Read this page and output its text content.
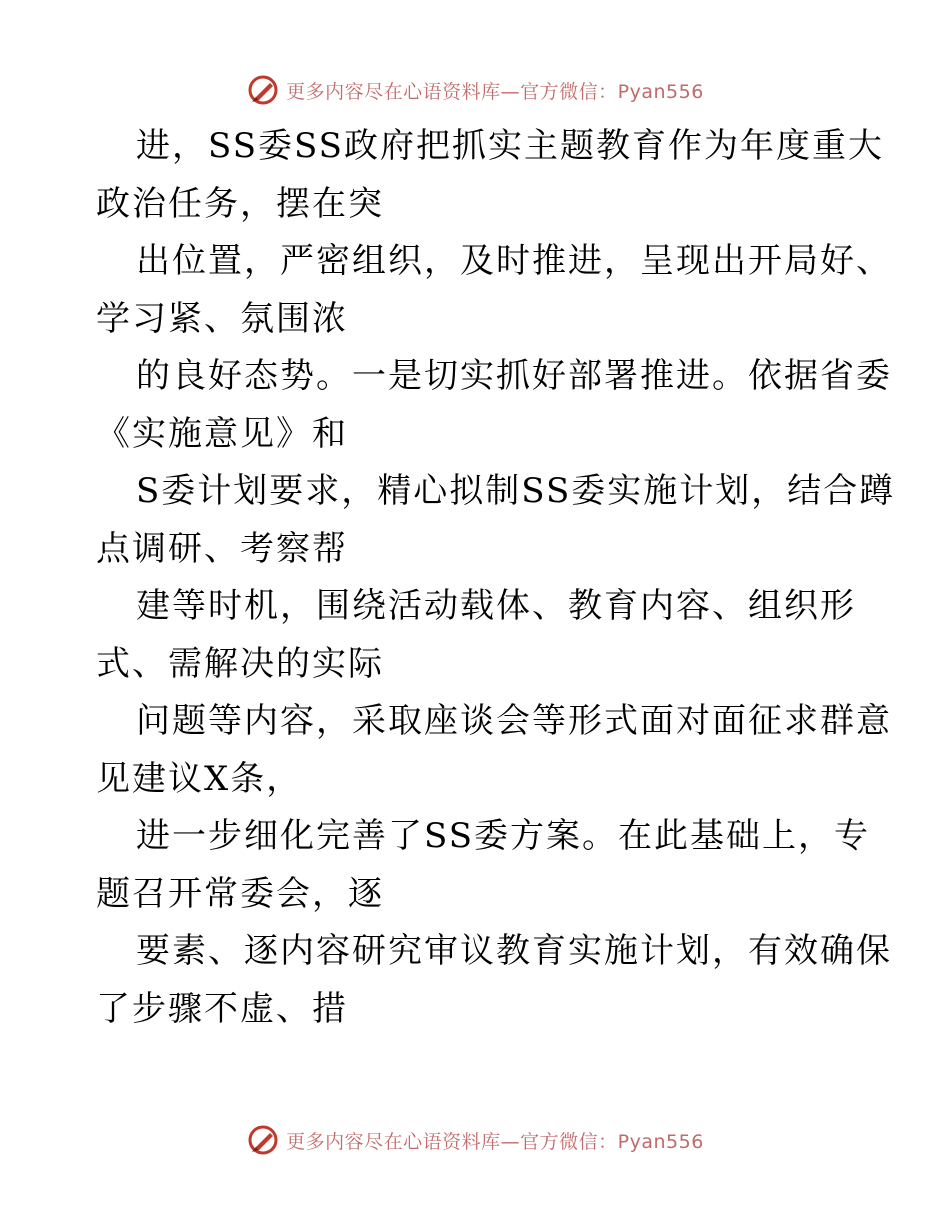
更多内容尽在心语资料库—官方微信：Pyan556

进，SS委SS政府把抓实主题教育作为年度重大
政治任务，摆在突

出位置，严密组织，及时推进，呈现出开局好、
学习紧、氛围浓

的良好态势。一是切实抓好部署推进。依据省委
《实施意见》和

S委计划要求，精心拟制SS委实施计划，结合蹲
点调研、考察帮

建等时机，围绕活动载体、教育内容、组织形
式、需解决的实际

问题等内容，采取座谈会等形式面对面征求群意
见建议X条，

进一步细化完善了SS委方案。在此基础上，专
题召开常委会，逐

要素、逐内容研究审议教育实施计划，有效确保
了步骤不虚、措

更多内容尽在心语资料库—官方微信：Pyan556
